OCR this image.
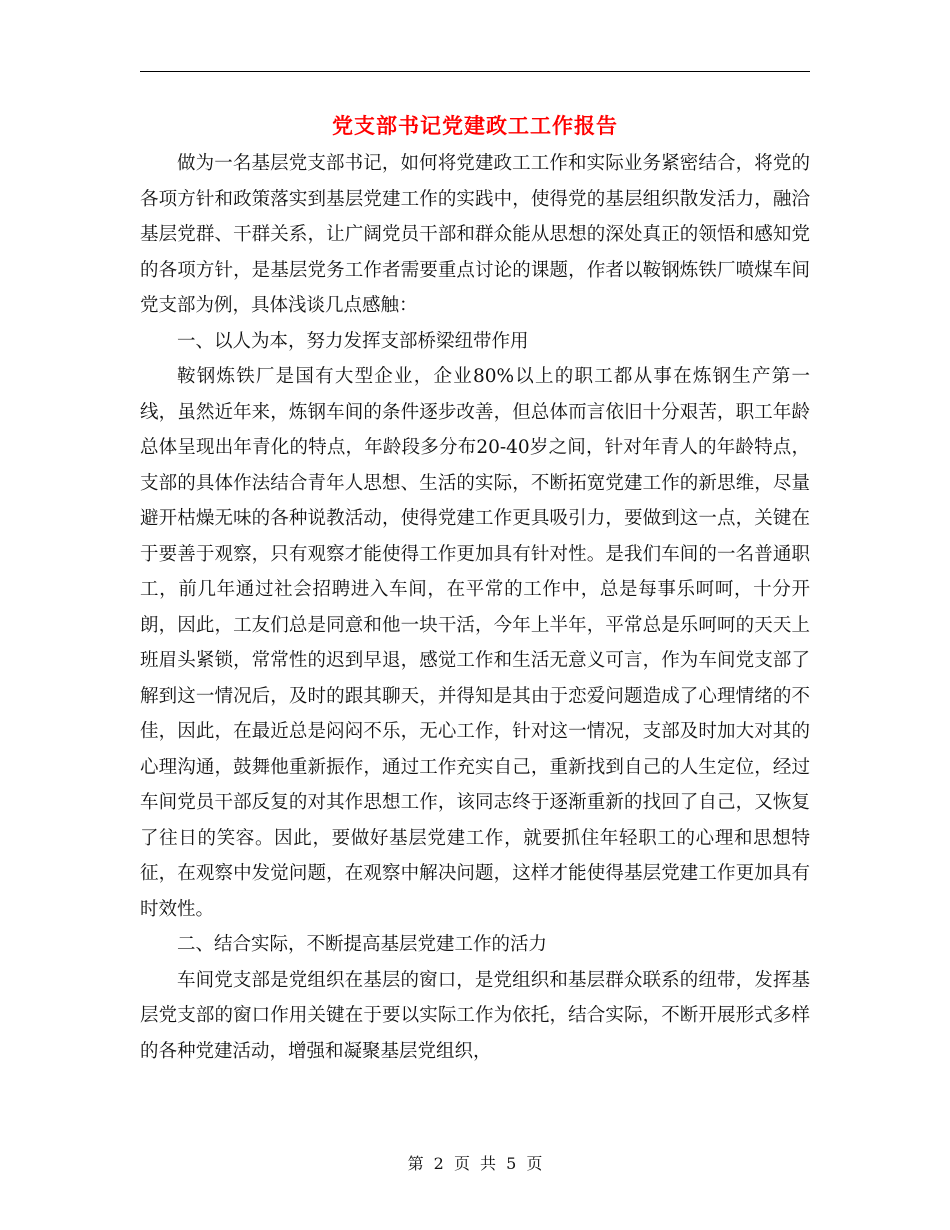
党支部书记党建政工工作报告

做为一名基层党支部书记，如何将党建政工工作和实际业务紧密结合，将党的各项方针和政策落实到基层党建工作的实践中，使得党的基层组织散发活力，融洽基层党群、干群关系，让广阔党员干部和群众能从思想的深处真正的领悟和感知党的各项方针，是基层党务工作者需要重点讨论的课题，作者以鞍钢炼铁厂喷煤车间党支部为例，具体浅谈几点感触：

一、以人为本，努力发挥支部桥梁纽带作用

鞍钢炼铁厂是国有大型企业，企业80%以上的职工都从事在炼钢生产第一线，虽然近年来，炼钢车间的条件逐步改善，但总体而言依旧十分艰苦，职工年龄总体呈现出年青化的特点，年龄段多分布20-40岁之间，针对年青人的年龄特点，支部的具体作法结合青年人思想、生活的实际，不断拓宽党建工作的新思维，尽量避开枯燥无味的各种说教活动，使得党建工作更具吸引力，要做到这一点，关键在于要善于观察，只有观察才能使得工作更加具有针对性。是我们车间的一名普通职工，前几年通过社会招聘进入车间，在平常的工作中，总是每事乐呵呵，十分开朗，因此，工友们总是同意和他一块干活，今年上半年，平常总是乐呵呵的天天上班眉头紧锁，常常性的迟到早退，感觉工作和生活无意义可言，作为车间党支部了解到这一情况后，及时的跟其聊天，并得知是其由于恋爱问题造成了心理情绪的不佳，因此，在最近总是闷闷不乐，无心工作，针对这一情况，支部及时加大对其的心理沟通，鼓舞他重新振作，通过工作充实自己，重新找到自己的人生定位，经过车间党员干部反复的对其作思想工作，该同志终于逐渐重新的找回了自己，又恢复了往日的笑容。因此，要做好基层党建工作，就要抓住年轻职工的心理和思想特征，在观察中发觉问题，在观察中解决问题，这样才能使得基层党建工作更加具有时效性。

二、结合实际，不断提高基层党建工作的活力

车间党支部是党组织在基层的窗口，是党组织和基层群众联系的纽带，发挥基层党支部的窗口作用关键在于要以实际工作为依托，结合实际，不断开展形式多样的各种党建活动，增强和凝聚基层党组织，

第 2 页 共 5 页
